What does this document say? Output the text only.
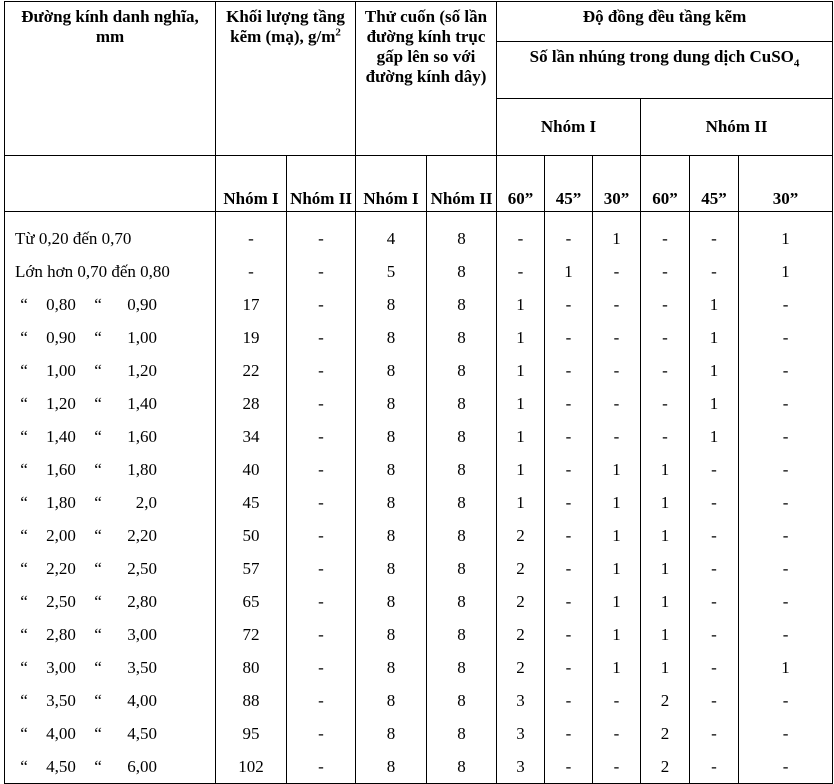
Đường kính danh nghĩa, mm	Khối lượng tầng kẽm (mạ), $g/m^2$		Thử cuốn (số lần đường kính trục gấp lên so với đường kính dây)		Độ đồng đều tầng kẽm					
					Số lần nhúng trong dung dịch CuSO$_4$
					Nhóm I			Nhóm II		
	Nhóm I	Nhóm II	Nhóm I	Nhóm II	60”	45”	30”	60”	45”	30”
Từ 0,20 đến 0,70	-	-	4	8	-	-	1	-	-	1
Lớn hơn 0,70 đến 0,80	-	-	5	8	-	1	-	-	-	1
“ 0,80 “ 0,90	17	-	8	8	1	-	-	-	1	-
“ 0,90 “ 1,00	19	-	8	8	1	-	-	-	1	-
“ 1,00 “ 1,20	22	-	8	8	1	-	-	-	1	-
“ 1,20 “ 1,40	28	-	8	8	1	-	-	-	1	-
“ 1,40 “ 1,60	34	-	8	8	1	-	-	-	1	-
“ 1,60 “ 1,80	40	-	8	8	1	-	1	1	-	-
“ 1,80 “ 2,0	45	-	8	8	1	-	1	1	-	-
“ 2,00 “ 2,20	50	-	8	8	2	-	1	1	-	-
“ 2,20 “ 2,50	57	-	8	8	2	-	1	1	-	-
“ 2,50 “ 2,80	65	-	8	8	2	-	1	1	-	-
“ 2,80 “ 3,00	72	-	8	8	2	-	1	1	-	-
“ 3,00 “ 3,50	80	-	8	8	2	-	1	1	-	1
“ 3,50 “ 4,00	88	-	8	8	3	-	-	2	-	-
“ 4,00 “ 4,50	95	-	8	8	3	-	-	2	-	-
“ 4,50 “ 6,00	102	-	8	8	3	-	-	2	-	-
